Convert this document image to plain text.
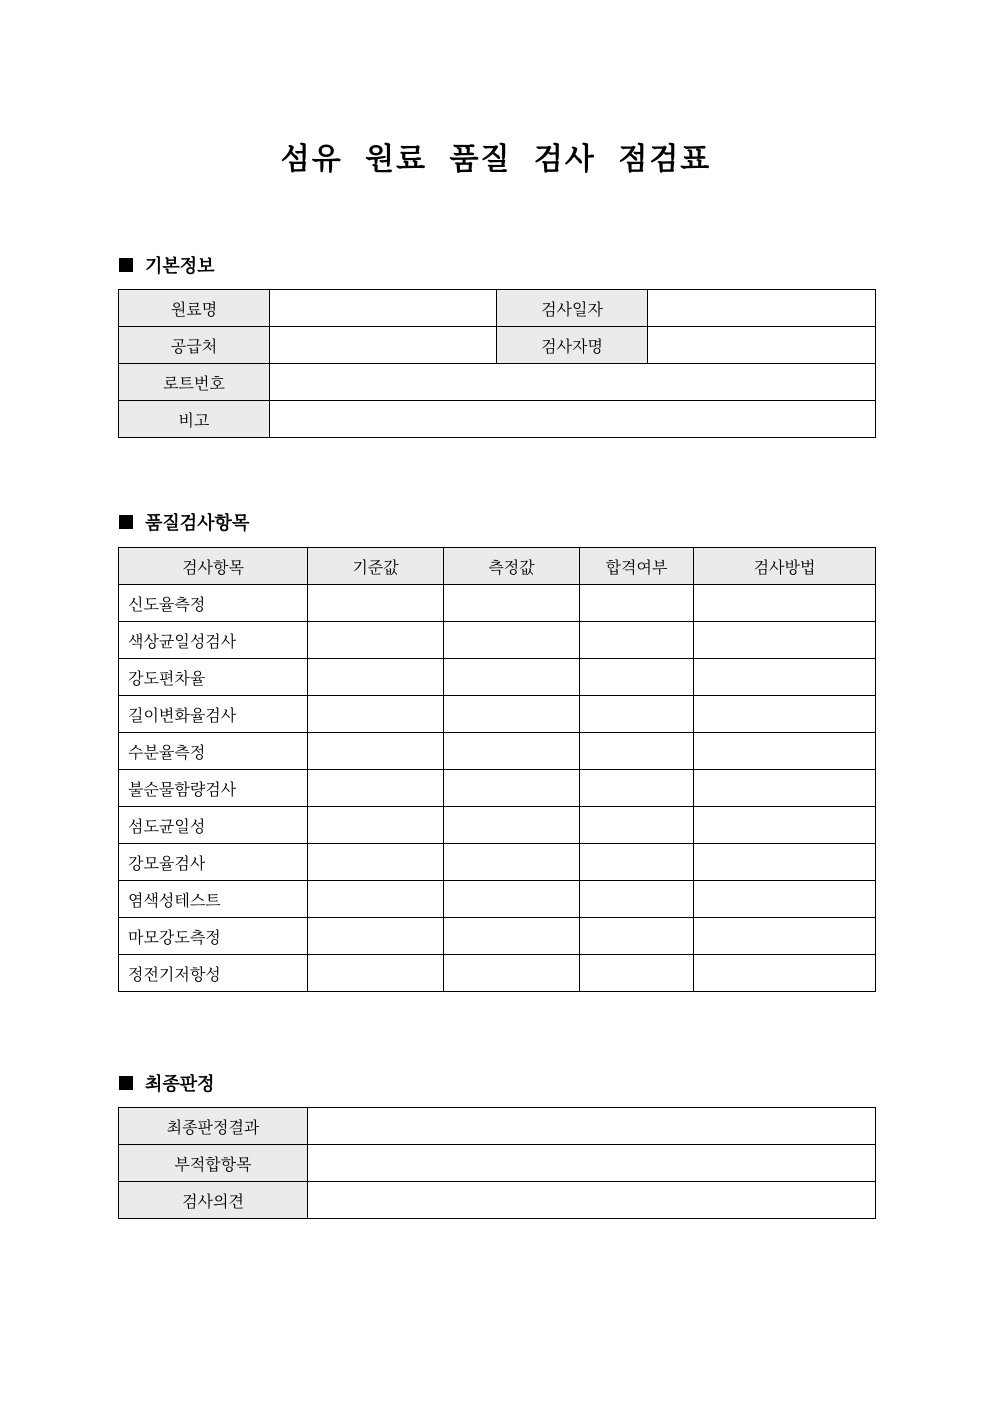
섬유 원료 품질 검사 점검표
기본정보
원료명		검사일자	
공급처		검사자명	
로트번호			
비고			
품질검사항목
검사항목	기준값	측정값	합격여부	검사방법
신도율측정				
색상균일성검사				
강도편차율				
길이변화율검사				
수분율측정				
불순물함량검사				
섬도균일성				
강모율검사				
염색성테스트				
마모강도측정				
정전기저항성				
최종판정
최종판정결과	
부적합항목	
검사의견	
